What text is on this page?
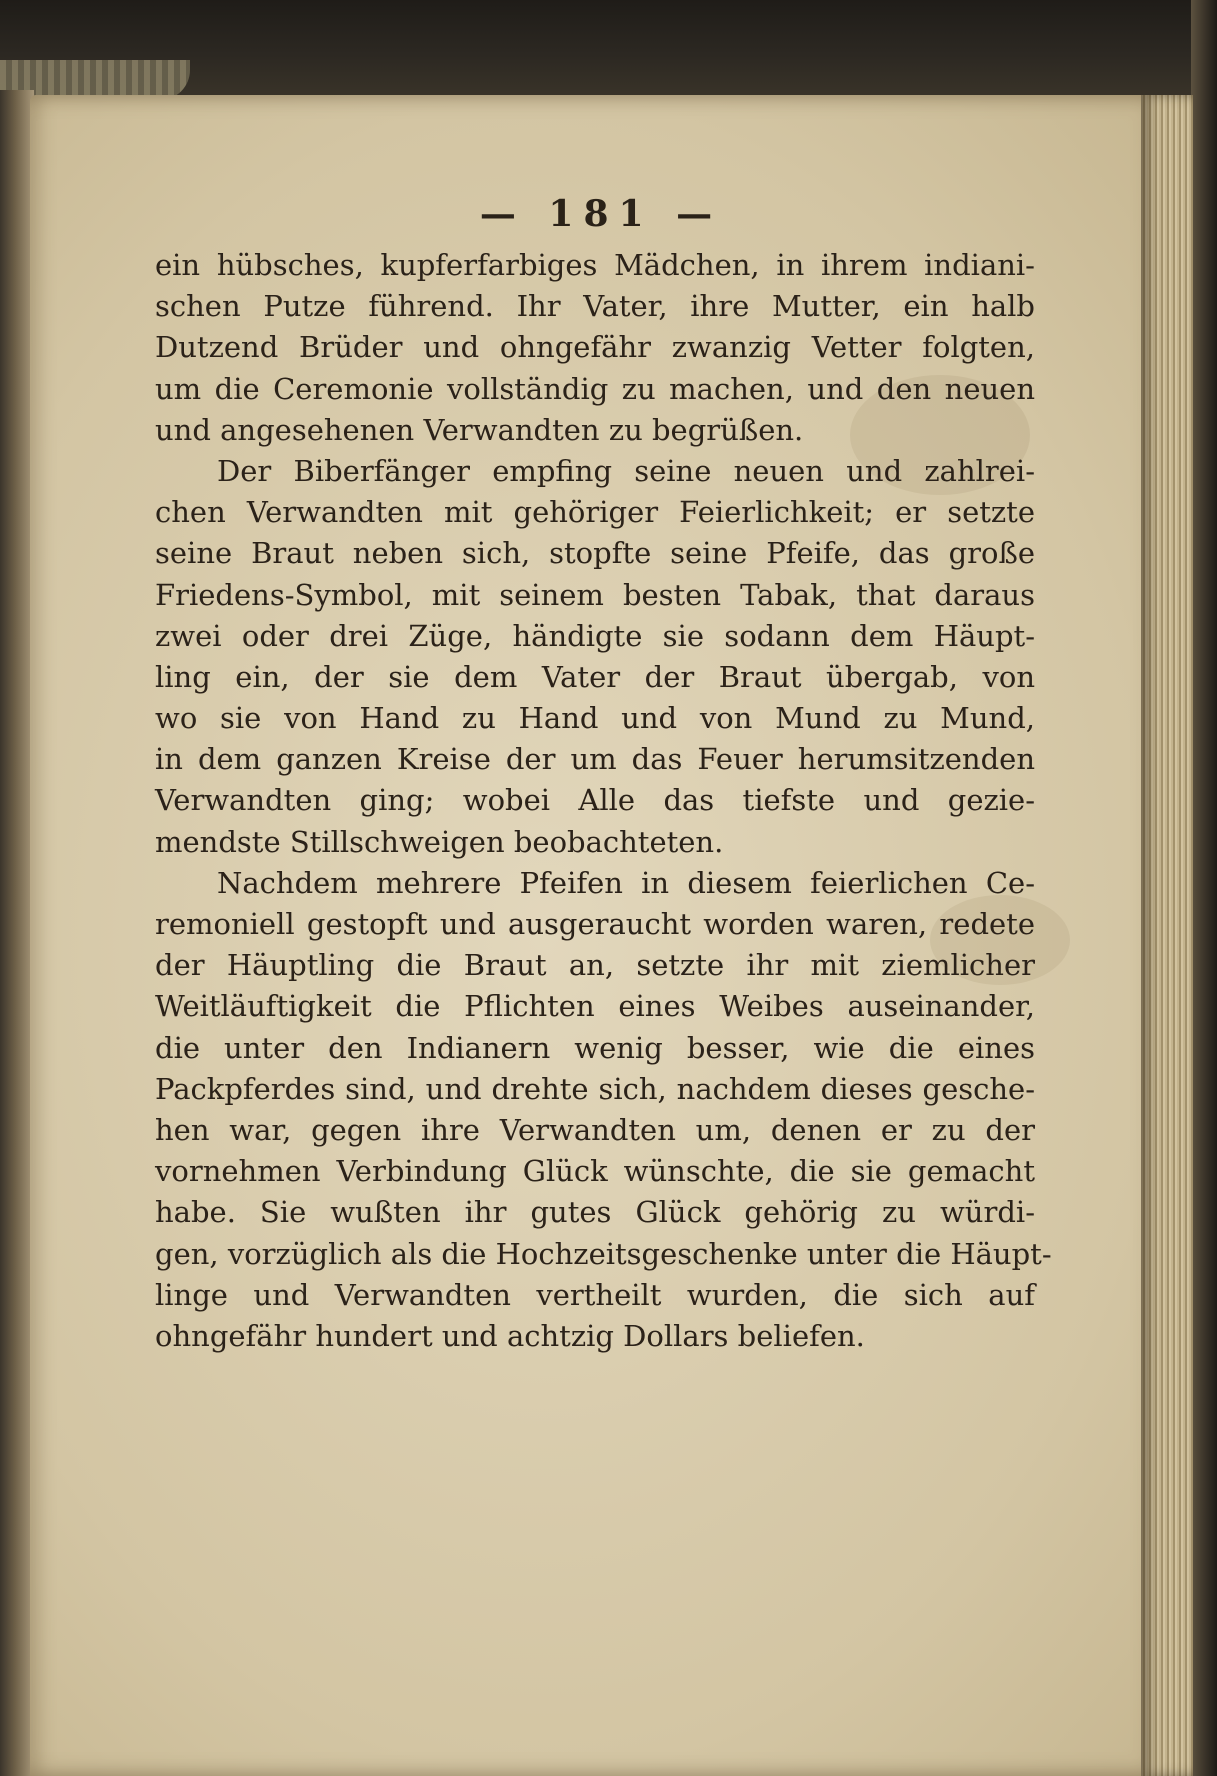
— 181 —
ein hübsches, kupferfarbiges Mädchen, in ihrem indiani-
schen Putze führend. Ihr Vater, ihre Mutter, ein halb
Dutzend Brüder und ohngefähr zwanzig Vetter folgten,
um die Ceremonie vollständig zu machen, und den neuen
und angesehenen Verwandten zu begrüßen.
Der Biberfänger empfing seine neuen und zahlrei-
chen Verwandten mit gehöriger Feierlichkeit; er setzte
seine Braut neben sich, stopfte seine Pfeife, das große
Friedens-Symbol, mit seinem besten Tabak, that daraus
zwei oder drei Züge, händigte sie sodann dem Häupt-
ling ein, der sie dem Vater der Braut übergab, von
wo sie von Hand zu Hand und von Mund zu Mund,
in dem ganzen Kreise der um das Feuer herumsitzenden
Verwandten ging; wobei Alle das tiefste und gezie-
mendste Stillschweigen beobachteten.
Nachdem mehrere Pfeifen in diesem feierlichen Ce-
remoniell gestopft und ausgeraucht worden waren, redete
der Häuptling die Braut an, setzte ihr mit ziemlicher
Weitläuftigkeit die Pflichten eines Weibes auseinander,
die unter den Indianern wenig besser, wie die eines
Packpferdes sind, und drehte sich, nachdem dieses gesche-
hen war, gegen ihre Verwandten um, denen er zu der
vornehmen Verbindung Glück wünschte, die sie gemacht
habe. Sie wußten ihr gutes Glück gehörig zu würdi-
gen, vorzüglich als die Hochzeitsgeschenke unter die Häupt-
linge und Verwandten vertheilt wurden, die sich auf
ohngefähr hundert und achtzig Dollars beliefen.
